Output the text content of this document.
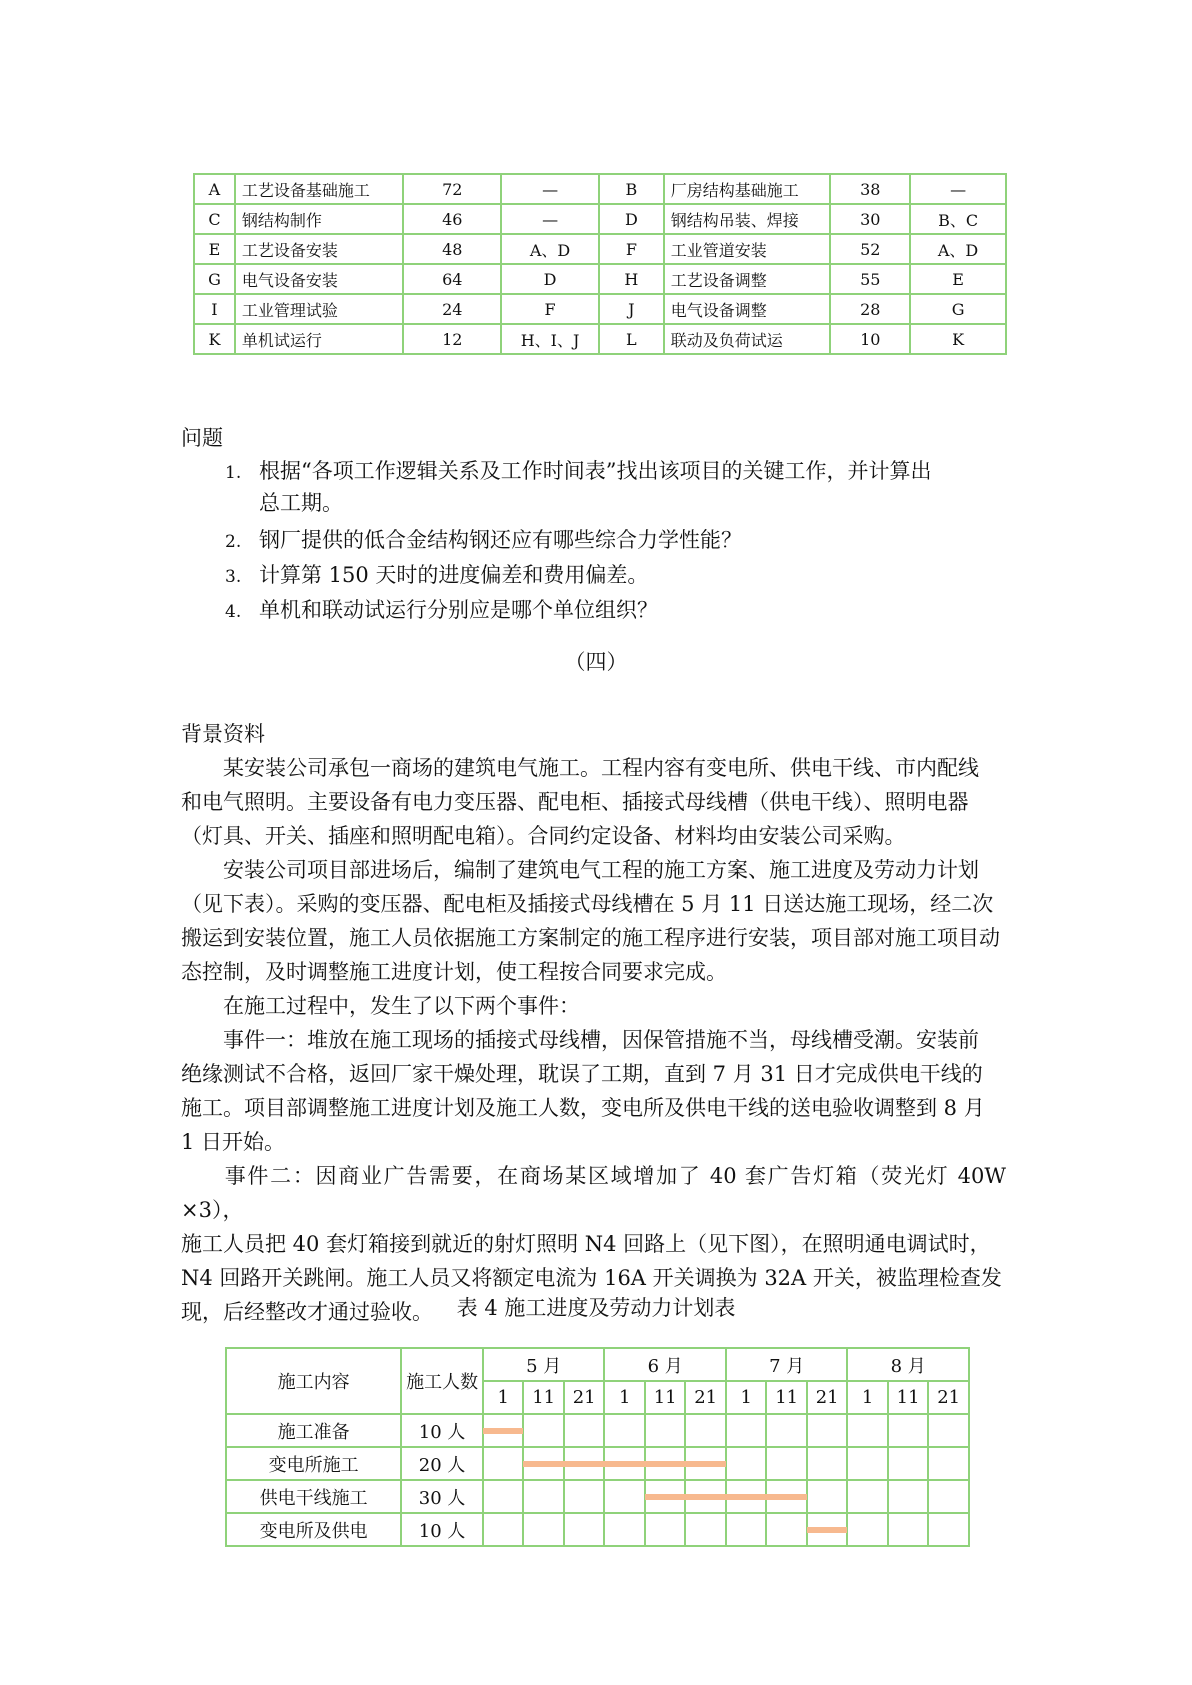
A	工艺设备基础施工	72	—	B	厂房结构基础施工	38	—
C	钢结构制作	46	—	D	钢结构吊装、焊接	30	B、C
E	工艺设备安装	48	A、D	F	工业管道安装	52	A、D
G	电气设备安装	64	D	H	工艺设备调整	55	E
I	工业管理试验	24	F	J	电气设备调整	28	G
K	单机试运行	12	H、I、J	L	联动及负荷试运	10	K
问题
1. 根据“各项工作逻辑关系及工作时间表”找出该项目的关键工作，并计算出
总工期。
2. 钢厂提供的低合金结构钢还应有哪些综合力学性能？
3. 计算第 150 天时的进度偏差和费用偏差。
4. 单机和联动试运行分别应是哪个单位组织？
（四）
背景资料
某安装公司承包一商场的建筑电气施工。工程内容有变电所、供电干线、市内配线
和电气照明。主要设备有电力变压器、配电柜、插接式母线槽（供电干线）、照明电器
（灯具、开关、插座和照明配电箱）。合同约定设备、材料均由安装公司采购。
安装公司项目部进场后，编制了建筑电气工程的施工方案、施工进度及劳动力计划
（见下表）。采购的变压器、配电柜及插接式母线槽在 5 月 11 日送达施工现场，经二次
搬运到安装位置，施工人员依据施工方案制定的施工程序进行安装，项目部对施工项目动
态控制，及时调整施工进度计划，使工程按合同要求完成。
在施工过程中，发生了以下两个事件：
事件一：堆放在施工现场的插接式母线槽，因保管措施不当，母线槽受潮。安装前
绝缘测试不合格，返回厂家干燥处理，耽误了工期，直到 7 月 31 日才完成供电干线的
施工。项目部调整施工进度计划及施工人数，变电所及供电干线的送电验收调整到 8 月
1 日开始。
事件二：因商业广告需要，在商场某区域增加了 40 套广告灯箱（荧光灯 40W ×3），
施工人员把 40 套灯箱接到就近的射灯照明 N4 回路上（见下图），在照明通电调试时，
N4 回路开关跳闸。施工人员又将额定电流为 16A 开关调换为 32A 开关，被监理检查发
现，后经整改才通过验收。	表 4 施工进度及劳动力计划表
施工内容	施工人数	5 月			6 月			7 月			8 月		
		1	11	21	1	11	21	1	11	21	1	11	21
施工准备	10 人	

变电所施工	20 人		

供电干线施工	30 人					

变电所及供电	10 人									
